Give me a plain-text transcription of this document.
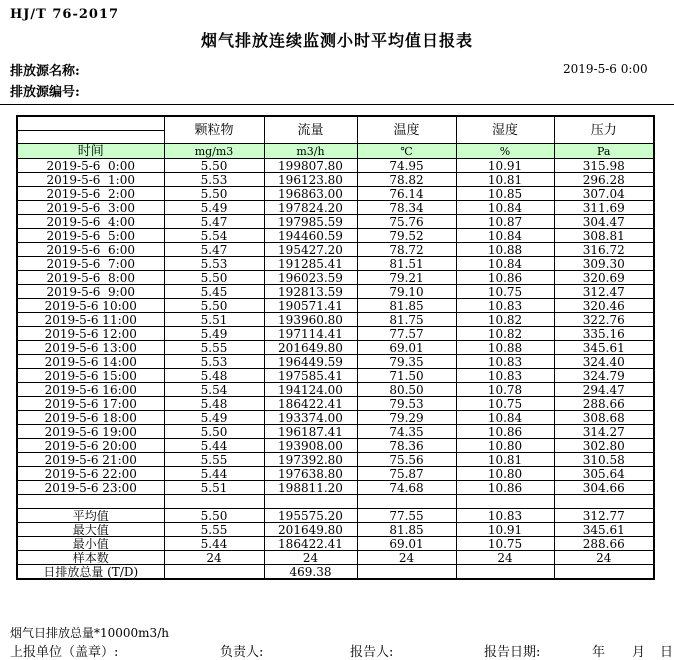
HJ/T 76-2017
烟气排放连续监测小时平均值日报表
排放源名称:	2019-5-6 0:00
排放源编号:
	颗粒物	流量	温度	湿度	压力

时间	mg/m3	m3/h	℃	%	Pa
2019-5-6  0:00	5.50	199807.80	74.95	10.91	315.98
2019-5-6  1:00	5.53	196123.80	78.82	10.81	296.28
2019-5-6  2:00	5.50	196863.00	76.14	10.85	307.04
2019-5-6  3:00	5.49	197824.20	78.34	10.84	311.69
2019-5-6  4:00	5.47	197985.59	75.76	10.87	304.47
2019-5-6  5:00	5.54	194460.59	79.52	10.84	308.81
2019-5-6  6:00	5.47	195427.20	78.72	10.88	316.72
2019-5-6  7:00	5.53	191285.41	81.51	10.84	309.30
2019-5-6  8:00	5.50	196023.59	79.21	10.86	320.69
2019-5-6  9:00	5.45	192813.59	79.10	10.75	312.47
2019-5-6 10:00	5.50	190571.41	81.85	10.83	320.46
2019-5-6 11:00	5.51	193960.80	81.75	10.82	322.76
2019-5-6 12:00	5.49	197114.41	77.57	10.82	335.16
2019-5-6 13:00	5.55	201649.80	69.01	10.88	345.61
2019-5-6 14:00	5.53	196449.59	79.35	10.83	324.40
2019-5-6 15:00	5.48	197585.41	71.50	10.83	324.79
2019-5-6 16:00	5.54	194124.00	80.50	10.78	294.47
2019-5-6 17:00	5.48	186422.41	79.53	10.75	288.66
2019-5-6 18:00	5.49	193374.00	79.29	10.84	308.68
2019-5-6 19:00	5.50	196187.41	74.35	10.86	314.27
2019-5-6 20:00	5.44	193908.00	78.36	10.80	302.80
2019-5-6 21:00	5.55	197392.80	75.56	10.81	310.58
2019-5-6 22:00	5.44	197638.80	75.87	10.80	305.64
2019-5-6 23:00	5.51	198811.20	74.68	10.86	304.66

平均值	5.50	195575.20	77.55	10.83	312.77
最大值	5.55	201649.80	81.85	10.91	345.61
最小值	5.44	186422.41	69.01	10.75	288.66
样本数	24	24	24	24	24
日排放总量 (T/D)		469.38			
烟气日排放总量*10000m3/h
上报单位（盖章）:	负责人:	报告人:	报告日期:	年 月 日
